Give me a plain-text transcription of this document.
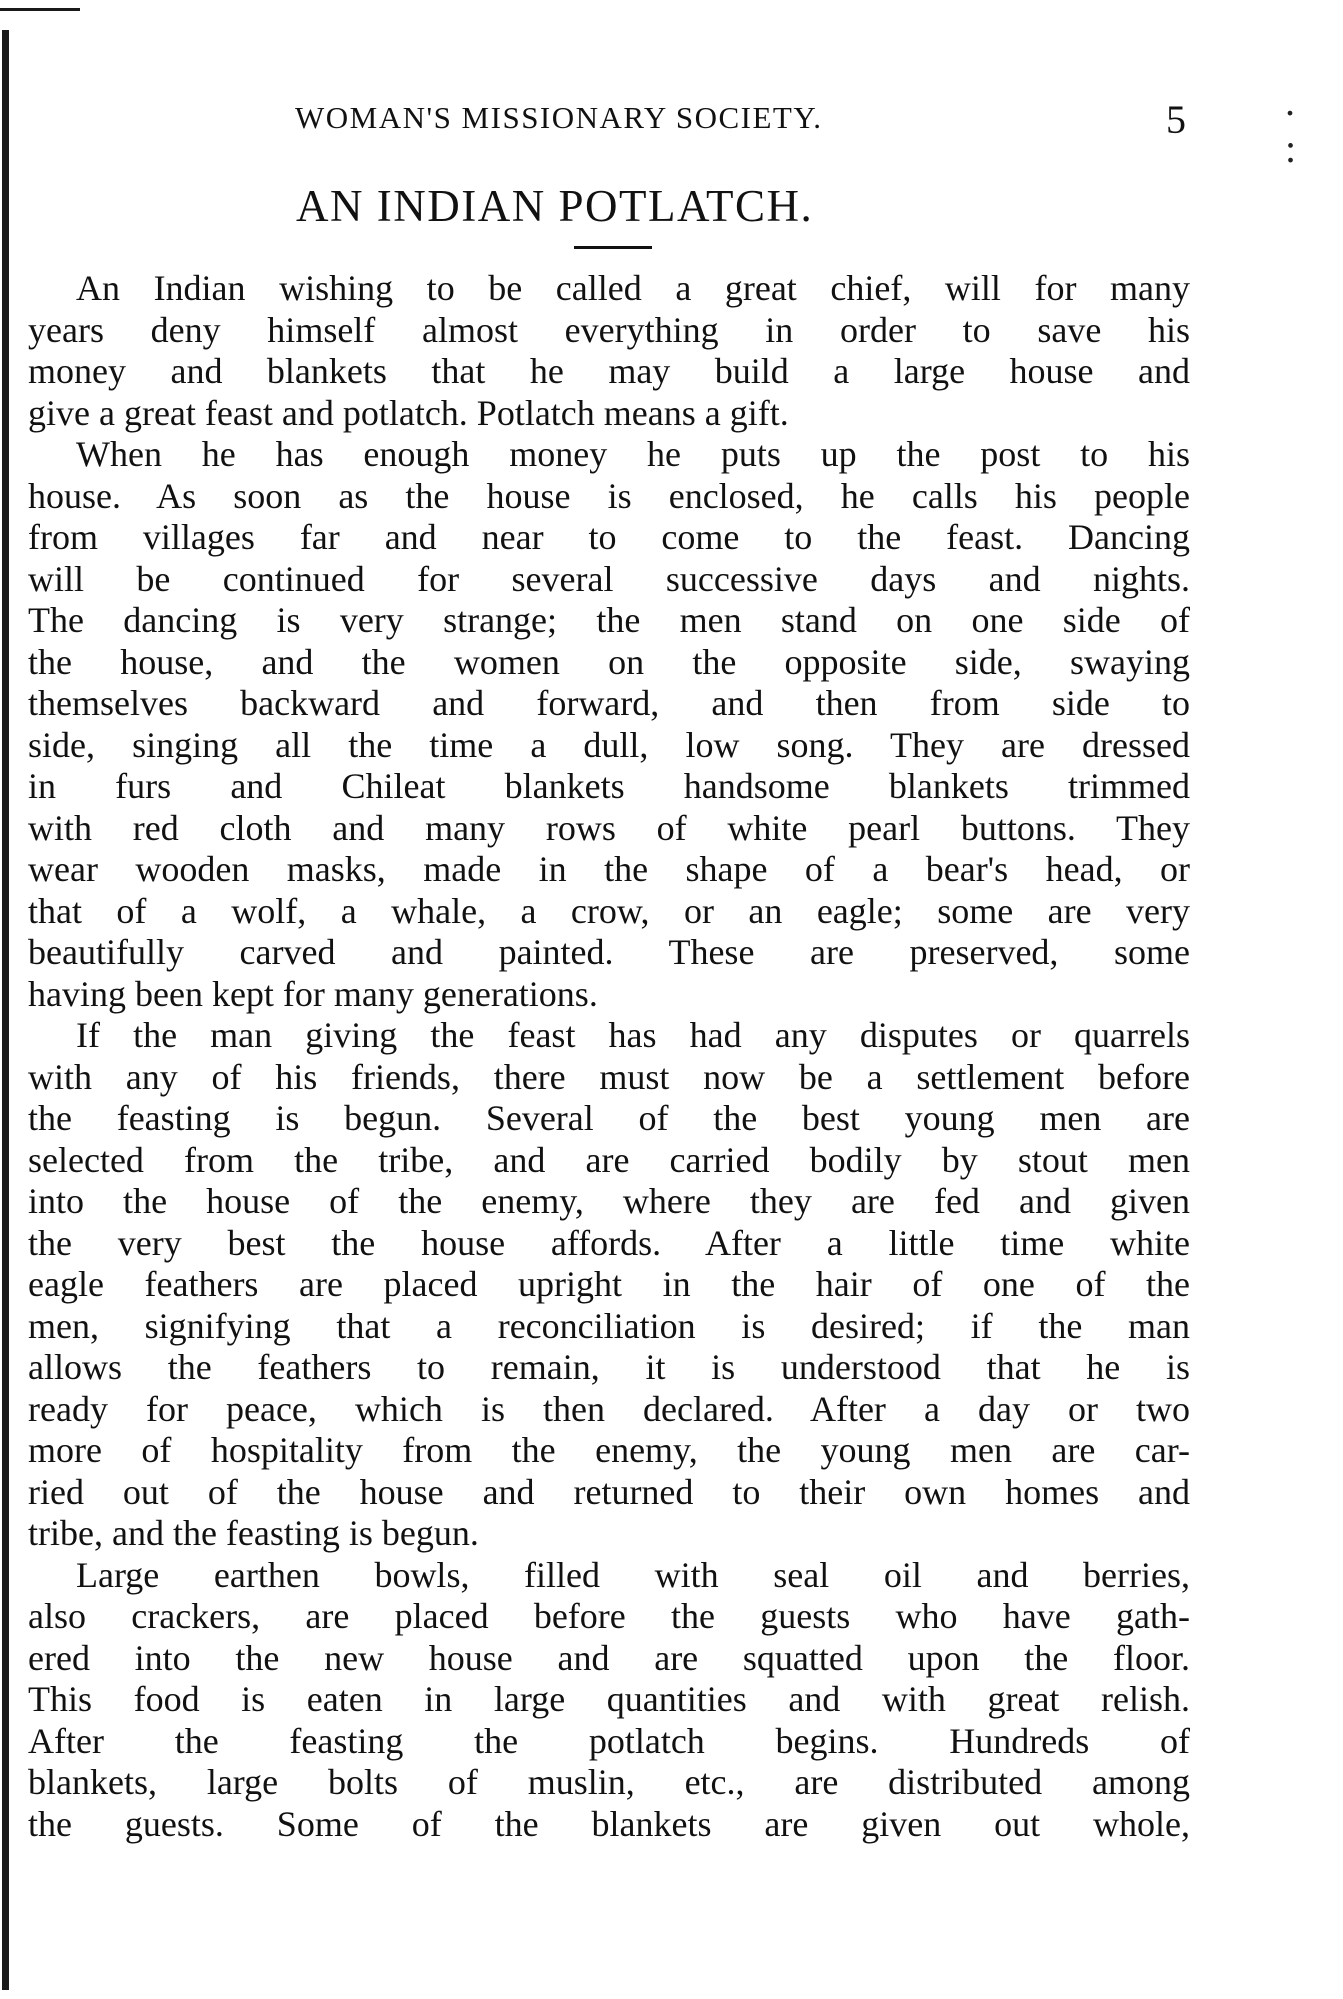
. :
WOMAN'S MISSIONARY SOCIETY.	5
AN INDIAN POTLATCH.
An Indian wishing to be called a great chief, will for many
years deny himself almost everything in order to save his
money and blankets that he may build a large house and
give a great feast and potlatch. Potlatch means a gift.
When he has enough money he puts up the post to his
house. As soon as the house is enclosed, he calls his people
from villages far and near to come to the feast. Dancing
will be continued for several successive days and nights.
The dancing is very strange; the men stand on one side of
the house, and the women on the opposite side, swaying
themselves backward and forward, and then from side to
side, singing all the time a dull, low song. They are dressed
in furs and Chileat blankets handsome blankets trimmed
with red cloth and many rows of white pearl buttons. They
wear wooden masks, made in the shape of a bear's head, or
that of a wolf, a whale, a crow, or an eagle; some are very
beautifully carved and painted. These are preserved, some
having been kept for many generations.
If the man giving the feast has had any disputes or quarrels
with any of his friends, there must now be a settlement before
the feasting is begun. Several of the best young men are
selected from the tribe, and are carried bodily by stout men
into the house of the enemy, where they are fed and given
the very best the house affords. After a little time white
eagle feathers are placed upright in the hair of one of the
men, signifying that a reconciliation is desired; if the man
allows the feathers to remain, it is understood that he is
ready for peace, which is then declared. After a day or two
more of hospitality from the enemy, the young men are car-
ried out of the house and returned to their own homes and
tribe, and the feasting is begun.
Large earthen bowls, filled with seal oil and berries,
also crackers, are placed before the guests who have gath-
ered into the new house and are squatted upon the floor.
This food is eaten in large quantities and with great relish.
After the feasting the potlatch begins. Hundreds of
blankets, large bolts of muslin, etc., are distributed among
the guests. Some of the blankets are given out whole,
